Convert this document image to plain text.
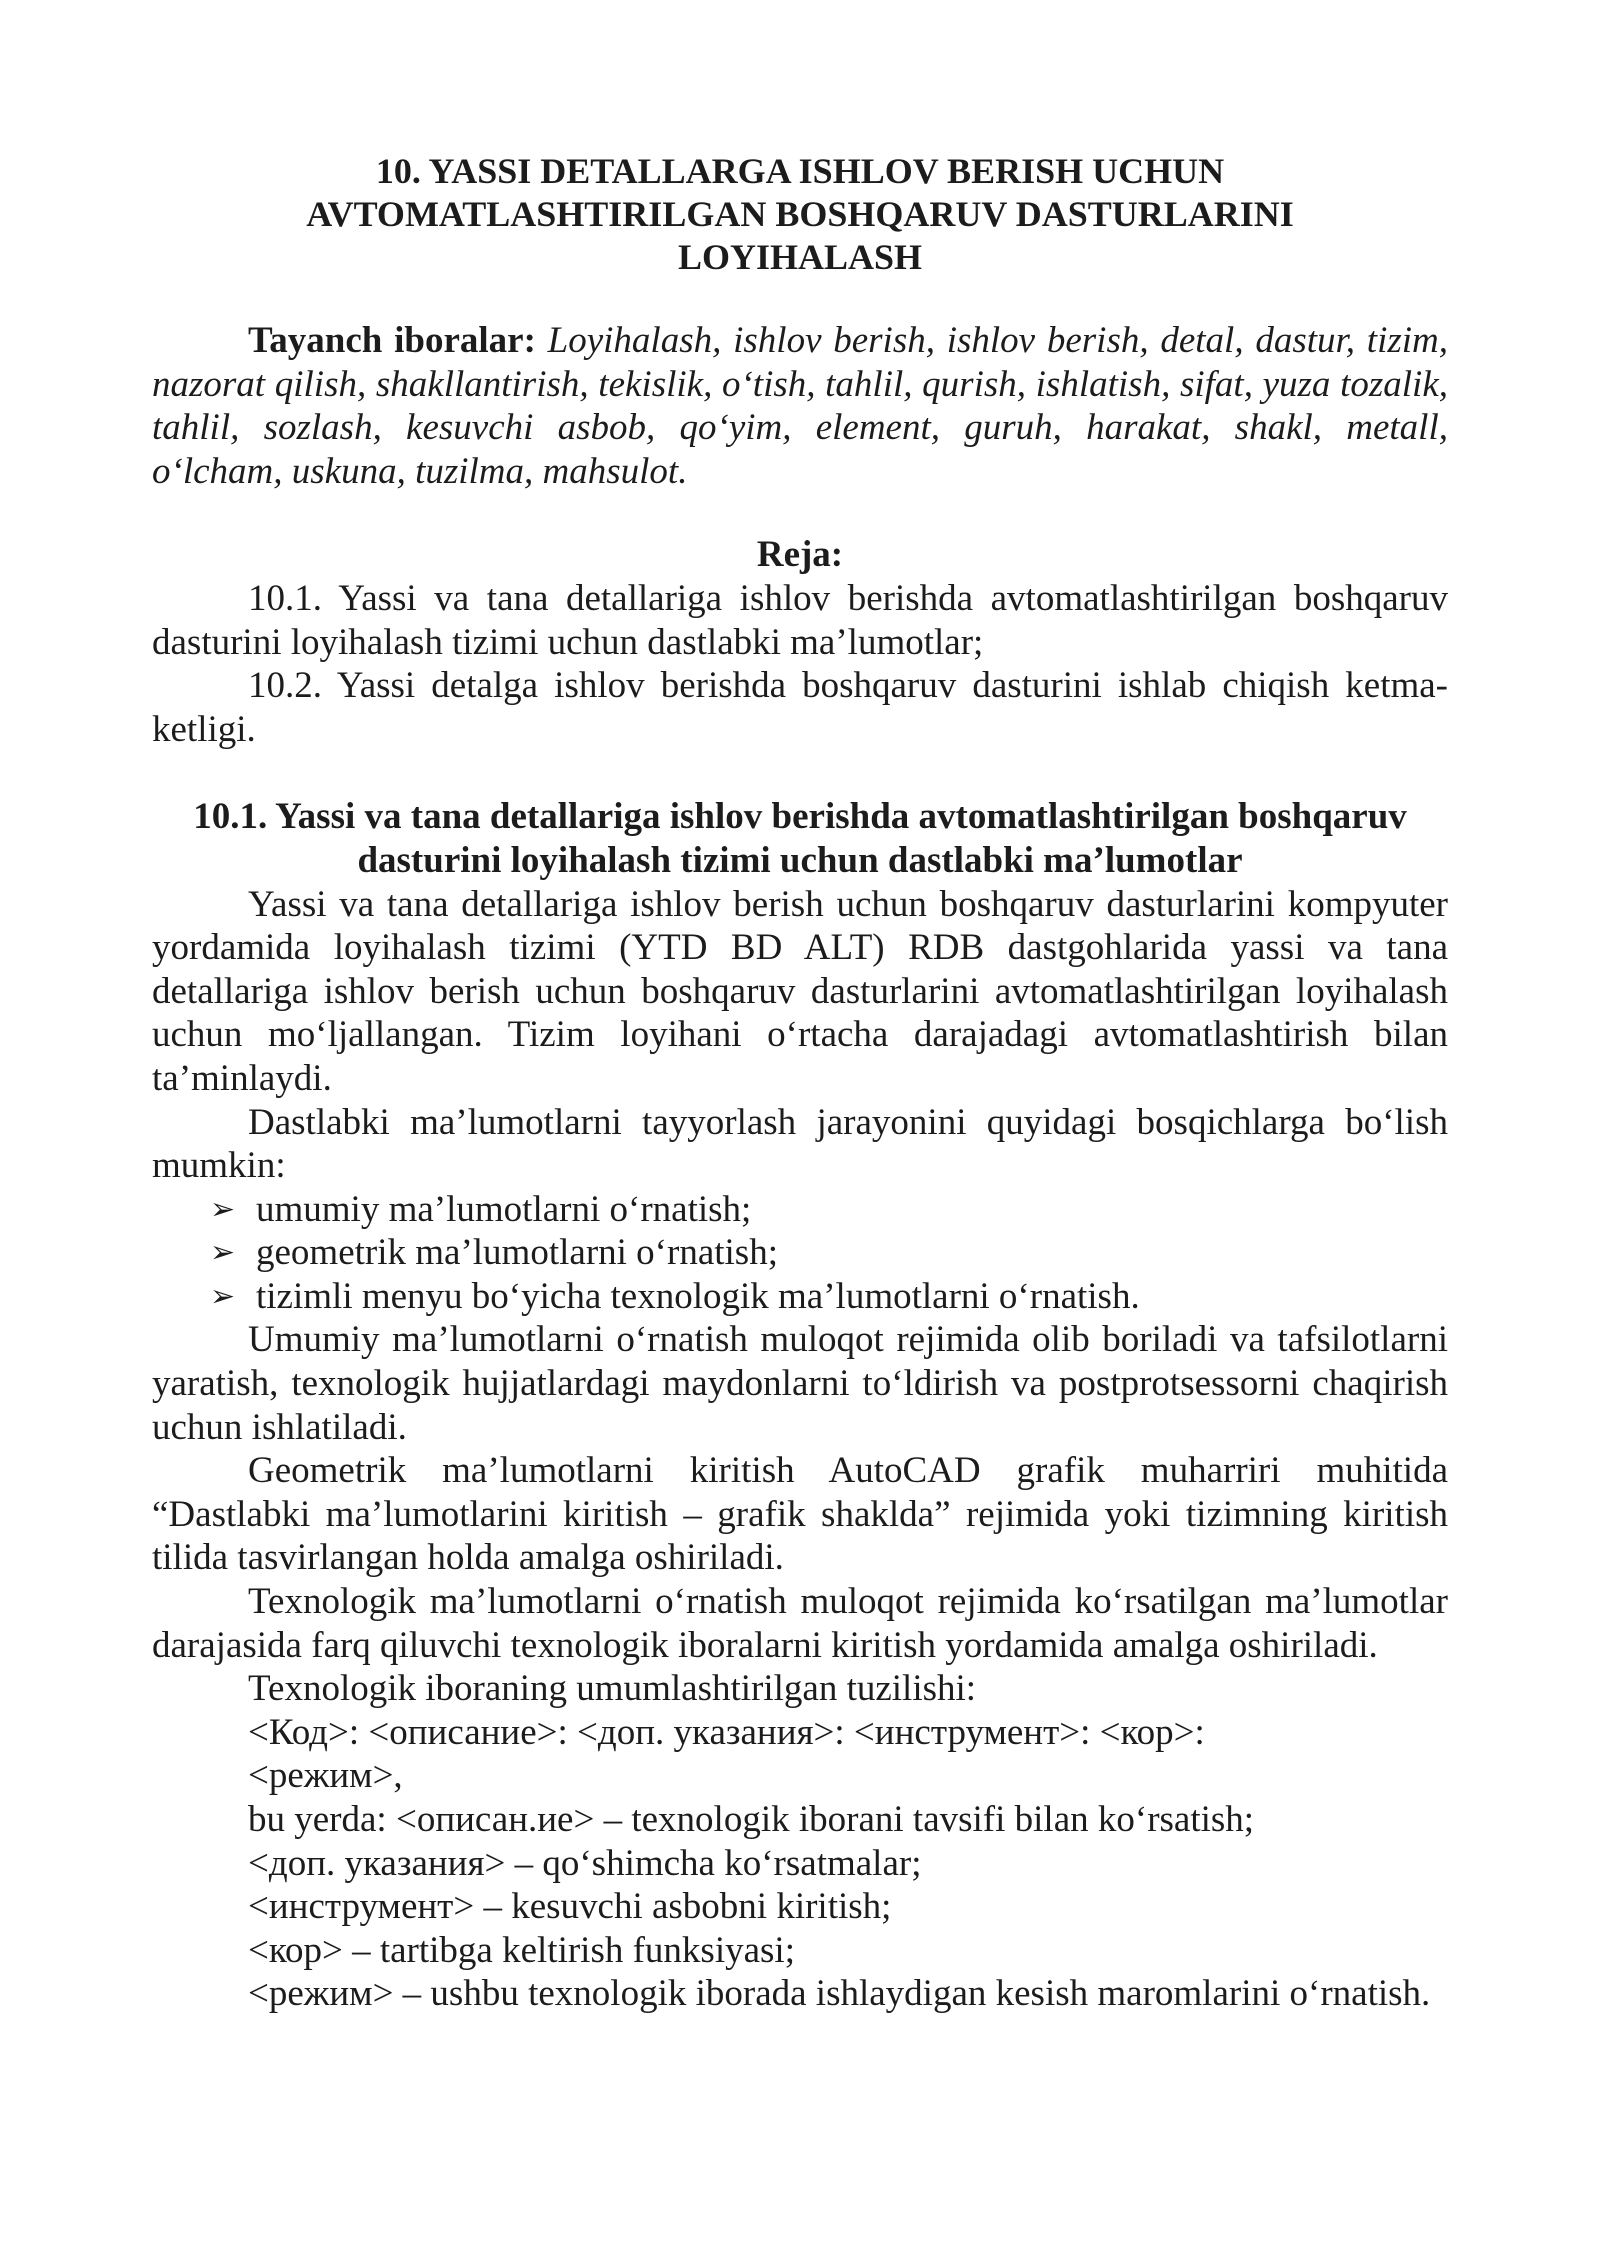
10. YASSI DETALLARGA ISHLOV BERISH UCHUN
AVTOMATLASHTIRILGAN BOSHQARUV DASTURLARINI
LOYIHALASH

Tayanch iboralar: Loyihalash, ishlov berish, ishlov berish, detal, dastur, tizim, nazorat qilish, shakllantirish, tekislik, oʻtish, tahlil, qurish, ishlatish, sifat, yuza tozalik, tahlil, sozlash, kesuvchi asbob, qoʻyim, element, guruh, harakat, shakl, metall, oʻlcham, uskuna, tuzilma, mahsulot.

Reja:

10.1. Yassi va tana detallariga ishlov berishda avtomatlashtirilgan boshqaruv dasturini loyihalash tizimi uchun dastlabki ma’lumotlar;

10.2. Yassi detalga ishlov berishda boshqaruv dasturini ishlab chiqish ketma-ketligi.

10.1. Yassi va tana detallariga ishlov berishda avtomatlashtirilgan boshqaruv
dasturini loyihalash tizimi uchun dastlabki ma’lumotlar

Yassi va tana detallariga ishlov berish uchun boshqaruv dasturlarini kompyuter yordamida loyihalash tizimi (YTD BD ALT) RDB dastgohlarida yassi va tana detallariga ishlov berish uchun boshqaruv dasturlarini avtomatlashtirilgan loyihalash uchun moʻljallangan. Tizim loyihani oʻrtacha darajadagi avtomatlashtirish bilan taʼminlaydi.

Dastlabki maʼlumotlarni tayyorlash jarayonini quyidagi bosqichlarga boʻlish mumkin:

➢ umumiy maʼlumotlarni oʻrnatish;
➢ geometrik maʼlumotlarni oʻrnatish;
➢ tizimli menyu boʻyicha texnologik maʼlumotlarni oʻrnatish.

Umumiy maʼlumotlarni oʻrnatish muloqot rejimida olib boriladi va tafsilotlarni yaratish, texnologik hujjatlardagi maydonlarni toʻldirish va postprotsessorni chaqirish uchun ishlatiladi.

Geometrik maʼlumotlarni kiritish AutoCAD grafik muharriri muhitida “Dastlabki maʼlumotlarini kiritish – grafik shaklda” rejimida yoki tizimning kiritish tilida tasvirlangan holda amalga oshiriladi.

Texnologik maʼlumotlarni oʻrnatish muloqot rejimida koʻrsatilgan maʼlumotlar darajasida farq qiluvchi texnologik iboralarni kiritish yordamida amalga oshiriladi.

Texnologik iboraning umumlashtirilgan tuzilishi:

<Код>: <описание>: <доп. указания>: <инструмент>: <кор>:

<режим>,

bu yerda: <описан.ие> – texnologik iborani tavsifi bilan koʻrsatish;

<доп. указания> – qoʻshimcha koʻrsatmalar;

<инструмент> – kesuvchi asbobni kiritish;

<кор> – tartibga keltirish funksiyasi;

<режим> – ushbu texnologik iborada ishlaydigan kesish maromlarini oʻrnatish.
